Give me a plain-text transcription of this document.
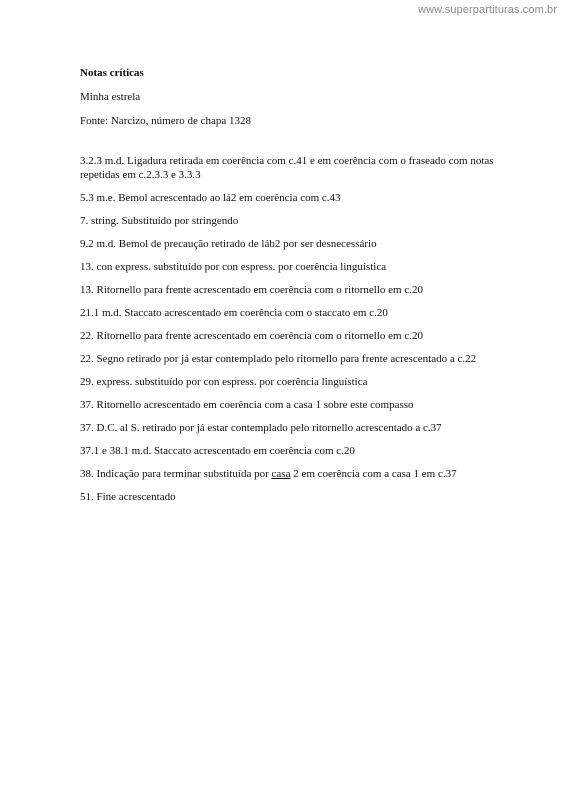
www.superpartituras.com.br
Notas críticas
Minha estrela
Fonte: Narcizo, número de chapa 1328
3.2.3 m.d. Ligadura retirada em coerência com c.41 e em coerência com o fraseado com notas repetidas em c.2.3.3 e 3.3.3
5.3 m.e. Bemol acrescentado ao lá2 em coerência com c.43
7. string. Substituído por stringendo
9.2 m.d. Bemol de precaução retirado de láb2 por ser desnecessário
13. con express. substituído por con espress. por coerência linguística
13. Ritornello para frente acrescentado em coerência com o ritornello em c.20
21.1 m.d. Staccato acrescentado em coerência com o staccato em c.20
22. Ritornello para frente acrescentado em coerência com o ritornello em c.20
22. Segno retirado por já estar contemplado pelo ritornello para frente acrescentado a c.22
29. express. substituído por con espress. por coerência linguística
37. Ritornello acrescentado em coerência com a casa 1 sobre este compasso
37. D.C. al S. retirado por já estar contemplado pelo ritornello acrescentado a c.37
37.1 e 38.1 m.d. Staccato acrescentado em coerência com c.20
38. Indicação para terminar substituída por casa 2 em coerência com a casa 1 em c.37
51. Fine acrescentado
